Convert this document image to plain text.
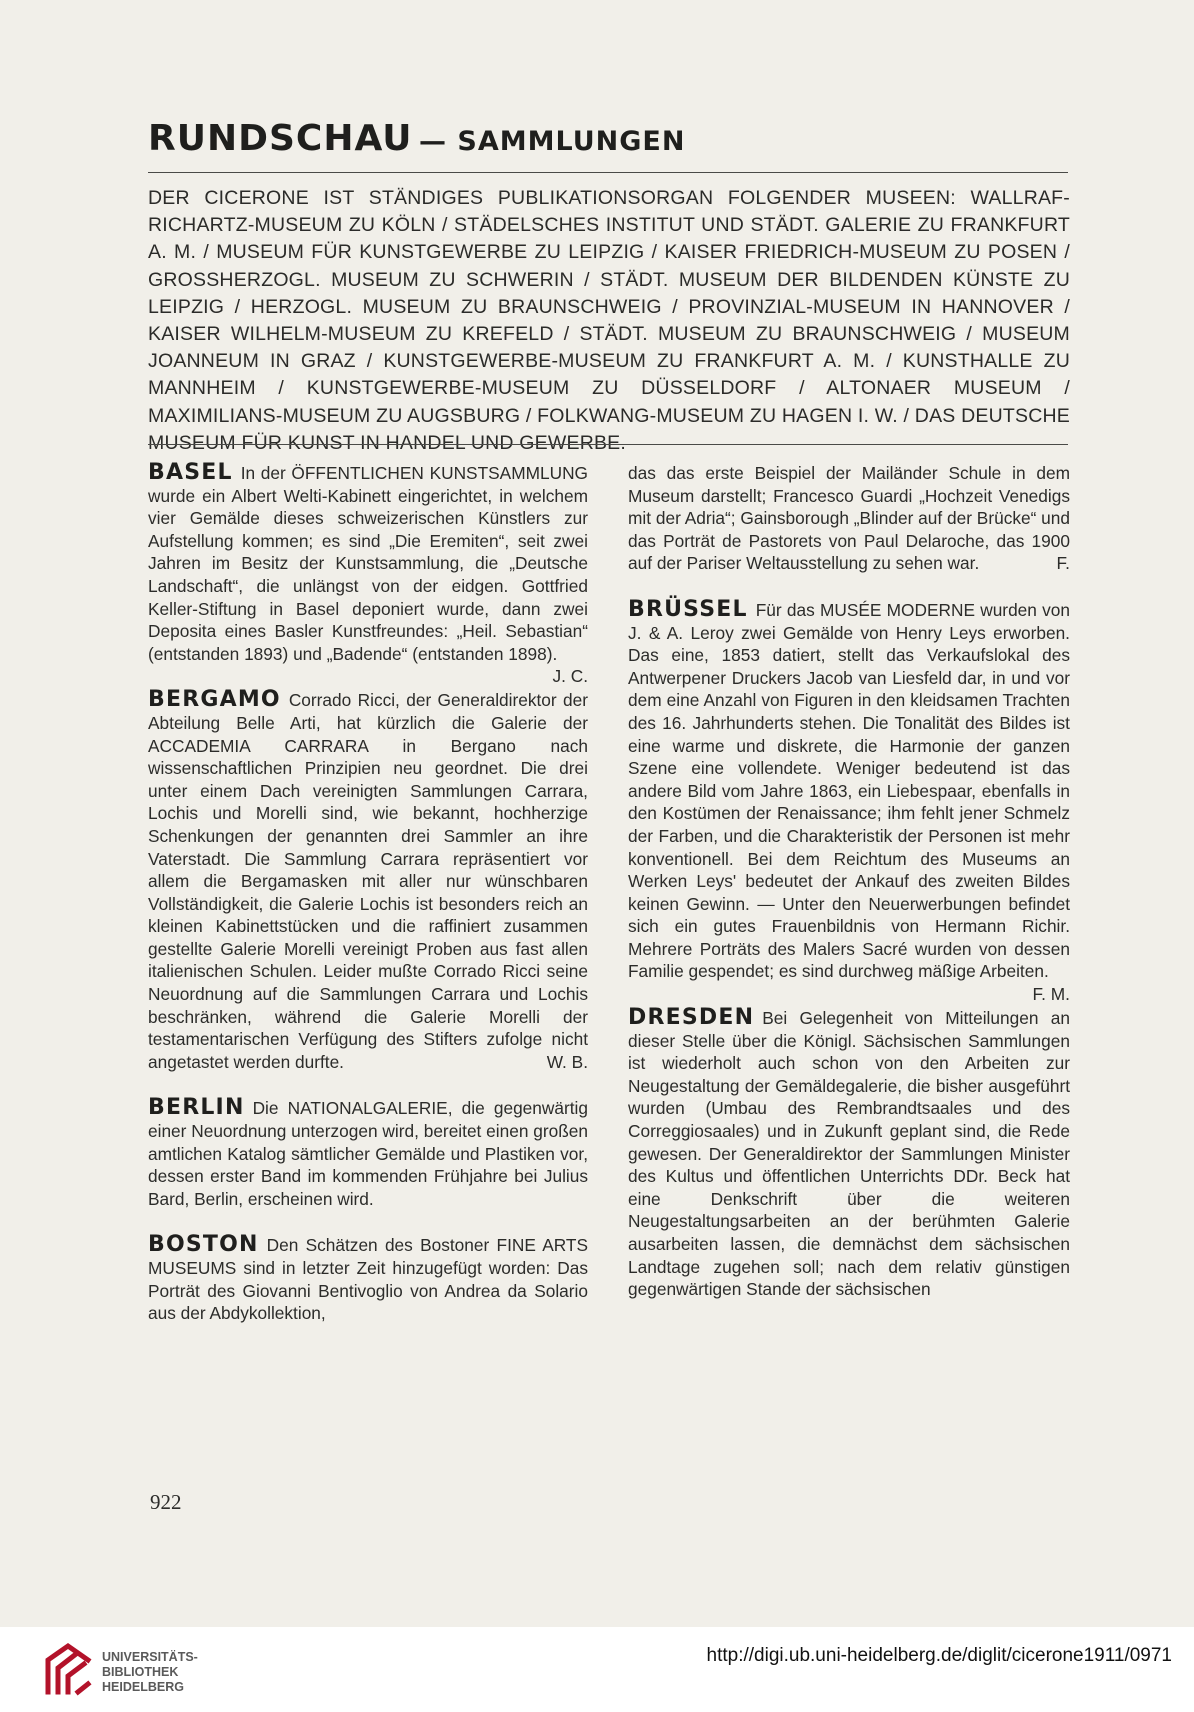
RUNDSCHAU — SAMMLUNGEN
DER CICERONE IST STÄNDIGES PUBLIKATIONSORGAN FOLGENDER MUSEEN: WALLRAF-RICHARTZ-MUSEUM ZU KÖLN / STÄDELSCHES INSTITUT UND STÄDT. GALERIE ZU FRANKFURT A. M. / MUSEUM FÜR KUNSTGEWERBE ZU LEIPZIG / KAISER FRIEDRICH-MUSEUM ZU POSEN / GROSSHERZOGL. MUSEUM ZU SCHWERIN / STÄDT. MUSEUM DER BILDENDEN KÜNSTE ZU LEIPZIG / HERZOGL. MUSEUM ZU BRAUNSCHWEIG / PROVINZIAL-MUSEUM IN HANNOVER / KAISER WILHELM-MUSEUM ZU KREFELD / STÄDT. MUSEUM ZU BRAUNSCHWEIG / MUSEUM JOANNEUM IN GRAZ / KUNSTGEWERBE-MUSEUM ZU FRANKFURT A. M. / KUNSTHALLE ZU MANNHEIM / KUNSTGEWERBE-MUSEUM ZU DÜSSELDORF / ALTONAER MUSEUM / MAXIMILIANS-MUSEUM ZU AUGSBURG / FOLKWANG-MUSEUM ZU HAGEN I. W. / DAS DEUTSCHE MUSEUM FÜR KUNST IN HANDEL UND GEWERBE.

BASEL In der ÖFFENTLICHEN KUNSTSAMMLUNG wurde ein Albert Welti-Kabinett eingerichtet, in welchem vier Gemälde dieses schweizerischen Künstlers zur Aufstellung kommen; es sind „Die Eremiten“, seit zwei Jahren im Besitz der Kunstsammlung, die „Deutsche Landschaft“, die unlängst von der eidgen. Gottfried Keller-Stiftung in Basel deponiert wurde, dann zwei Deposita eines Basler Kunstfreundes: „Heil. Sebastian“ (entstanden 1893) und „Badende“ (entstanden 1898).
J. C.

BERGAMO Corrado Ricci, der Generaldirektor der Abteilung Belle Arti, hat kürzlich die Galerie der ACCADEMIA CARRARA in Bergano nach wissenschaftlichen Prinzipien neu geordnet. Die drei unter einem Dach vereinigten Sammlungen Carrara, Lochis und Morelli sind, wie bekannt, hochherzige Schenkungen der genannten drei Sammler an ihre Vaterstadt. Die Sammlung Carrara repräsentiert vor allem die Bergamasken mit aller nur wünschbaren Vollständigkeit, die Galerie Lochis ist besonders reich an kleinen Kabinettstücken und die raffiniert zusammen gestellte Galerie Morelli vereinigt Proben aus fast allen italienischen Schulen. Leider mußte Corrado Ricci seine Neuordnung auf die Sammlungen Carrara und Lochis beschränken, während die Galerie Morelli der testamentarischen Verfügung des Stifters zufolge nicht angetastet werden durfte.	W. B.

BERLIN Die NATIONALGALERIE, die gegenwärtig einer Neuordnung unterzogen wird, bereitet einen großen amtlichen Katalog sämtlicher Gemälde und Plastiken vor, dessen erster Band im kommenden Frühjahre bei Julius Bard, Berlin, erscheinen wird.

BOSTON Den Schätzen des Bostoner FINE ARTS MUSEUMS sind in letzter Zeit hinzugefügt worden: Das Porträt des Giovanni Bentivoglio von Andrea da Solario aus der Abdykollektion,

das das erste Beispiel der Mailänder Schule in dem Museum darstellt; Francesco Guardi „Hochzeit Venedigs mit der Adria“; Gainsborough „Blinder auf der Brücke“ und das Porträt de Pastorets von Paul Delaroche, das 1900 auf der Pariser Weltausstellung zu sehen war.	F.

BRÜSSEL Für das MUSÉE MODERNE wurden von J. & A. Leroy zwei Gemälde von Henry Leys erworben. Das eine, 1853 datiert, stellt das Verkaufslokal des Antwerpener Druckers Jacob van Liesfeld dar, in und vor dem eine Anzahl von Figuren in den kleidsamen Trachten des 16. Jahrhunderts stehen. Die Tonalität des Bildes ist eine warme und diskrete, die Harmonie der ganzen Szene eine vollendete. Weniger bedeutend ist das andere Bild vom Jahre 1863, ein Liebespaar, ebenfalls in den Kostümen der Renaissance; ihm fehlt jener Schmelz der Farben, und die Charakteristik der Personen ist mehr konventionell. Bei dem Reichtum des Museums an Werken Leys' bedeutet der Ankauf des zweiten Bildes keinen Gewinn. — Unter den Neuerwerbungen befindet sich ein gutes Frauenbildnis von Hermann Richir. Mehrere Porträts des Malers Sacré wurden von dessen Familie gespendet; es sind durchweg mäßige Arbeiten.
F. M.

DRESDEN Bei Gelegenheit von Mitteilungen an dieser Stelle über die Königl. Sächsischen Sammlungen ist wiederholt auch schon von den Arbeiten zur Neugestaltung der Gemäldegalerie, die bisher ausgeführt wurden (Umbau des Rembrandtsaales und des Correggiosaales) und in Zukunft geplant sind, die Rede gewesen. Der Generaldirektor der Sammlungen Minister des Kultus und öffentlichen Unterrichts DDr. Beck hat eine Denkschrift über die weiteren Neugestaltungsarbeiten an der berühmten Galerie ausarbeiten lassen, die demnächst dem sächsischen Landtage zugehen soll; nach dem relativ günstigen gegenwärtigen Stande der sächsischen

922
UNIVERSITÄTS-
BIBLIOTHEK
HEIDELBERG
http://digi.ub.uni-heidelberg.de/diglit/cicerone1911/0971
